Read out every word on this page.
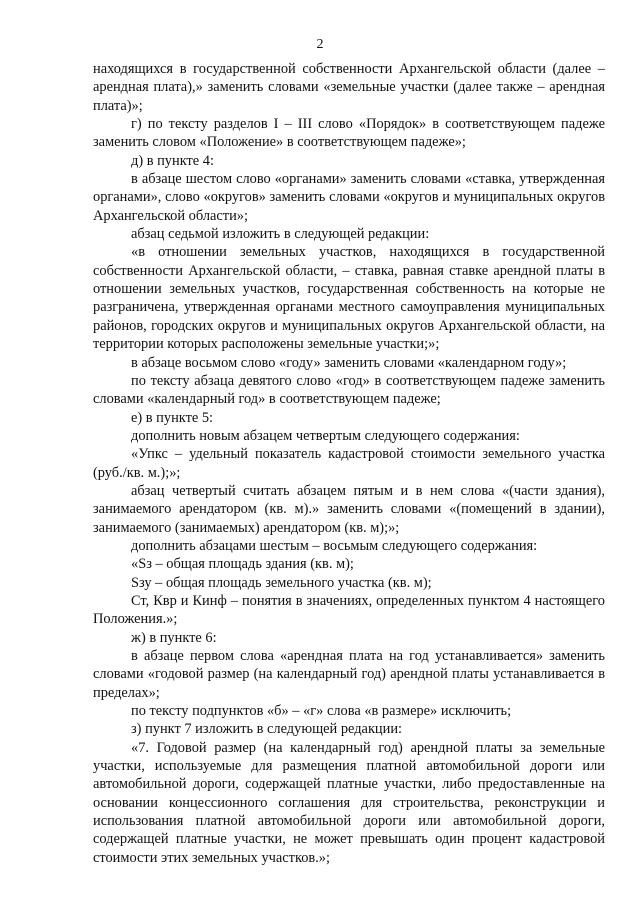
2

находящихся в государственной собственности Архангельской области (далее – арендная плата),» заменить словами «земельные участки (далее также – арендная плата)»;

г) по тексту разделов I – III слово «Порядок» в соответствующем падеже заменить словом «Положение» в соответствующем падеже»;

д) в пункте 4:

в абзаце шестом слово «органами» заменить словами «ставка, утвержденная органами», слово «округов» заменить словами «округов и муниципальных округов Архангельской области»;

абзац седьмой изложить в следующей редакции:

«в отношении земельных участков, находящихся в государственной собственности Архангельской области, – ставка, равная ставке арендной платы в отношении земельных участков, государственная собственность на которые не разграничена, утвержденная органами местного самоуправления муниципальных районов, городских округов и муниципальных округов Архангельской области, на территории которых расположены земельные участки;»;

в абзаце восьмом слово «году» заменить словами «календарном году»;

по тексту абзаца девятого слово «год» в соответствующем падеже заменить словами «календарный год» в соответствующем падеже;

е) в пункте 5:

дополнить новым абзацем четвертым следующего содержания:

«Упкс – удельный показатель кадастровой стоимости земельного участка (руб./кв. м.);»;

абзац четвертый считать абзацем пятым и в нем слова «(части здания), занимаемого арендатором (кв. м).» заменить словами «(помещений в здании), занимаемого (занимаемых) арендатором (кв. м);»;

дополнить абзацами шестым – восьмым следующего содержания:

«Sз – общая площадь здания (кв. м);

Sзу – общая площадь земельного участка (кв. м);

Ст, Квр и Кинф – понятия в значениях, определенных пунктом 4 настоящего Положения.»;

ж) в пункте 6:

в абзаце первом слова «арендная плата на год устанавливается» заменить словами «годовой размер (на календарный год) арендной платы устанавливается в пределах»;

по тексту подпунктов «б» – «г» слова «в размере» исключить;

з) пункт 7 изложить в следующей редакции:

«7. Годовой размер (на календарный год) арендной платы за земельные участки, используемые для размещения платной автомобильной дороги или автомобильной дороги, содержащей платные участки, либо предоставленные на основании концессионного соглашения для строительства, реконструкции и использования платной автомобильной дороги или автомобильной дороги, содержащей платные участки, не может превышать один процент кадастровой стоимости этих земельных участков.»;
